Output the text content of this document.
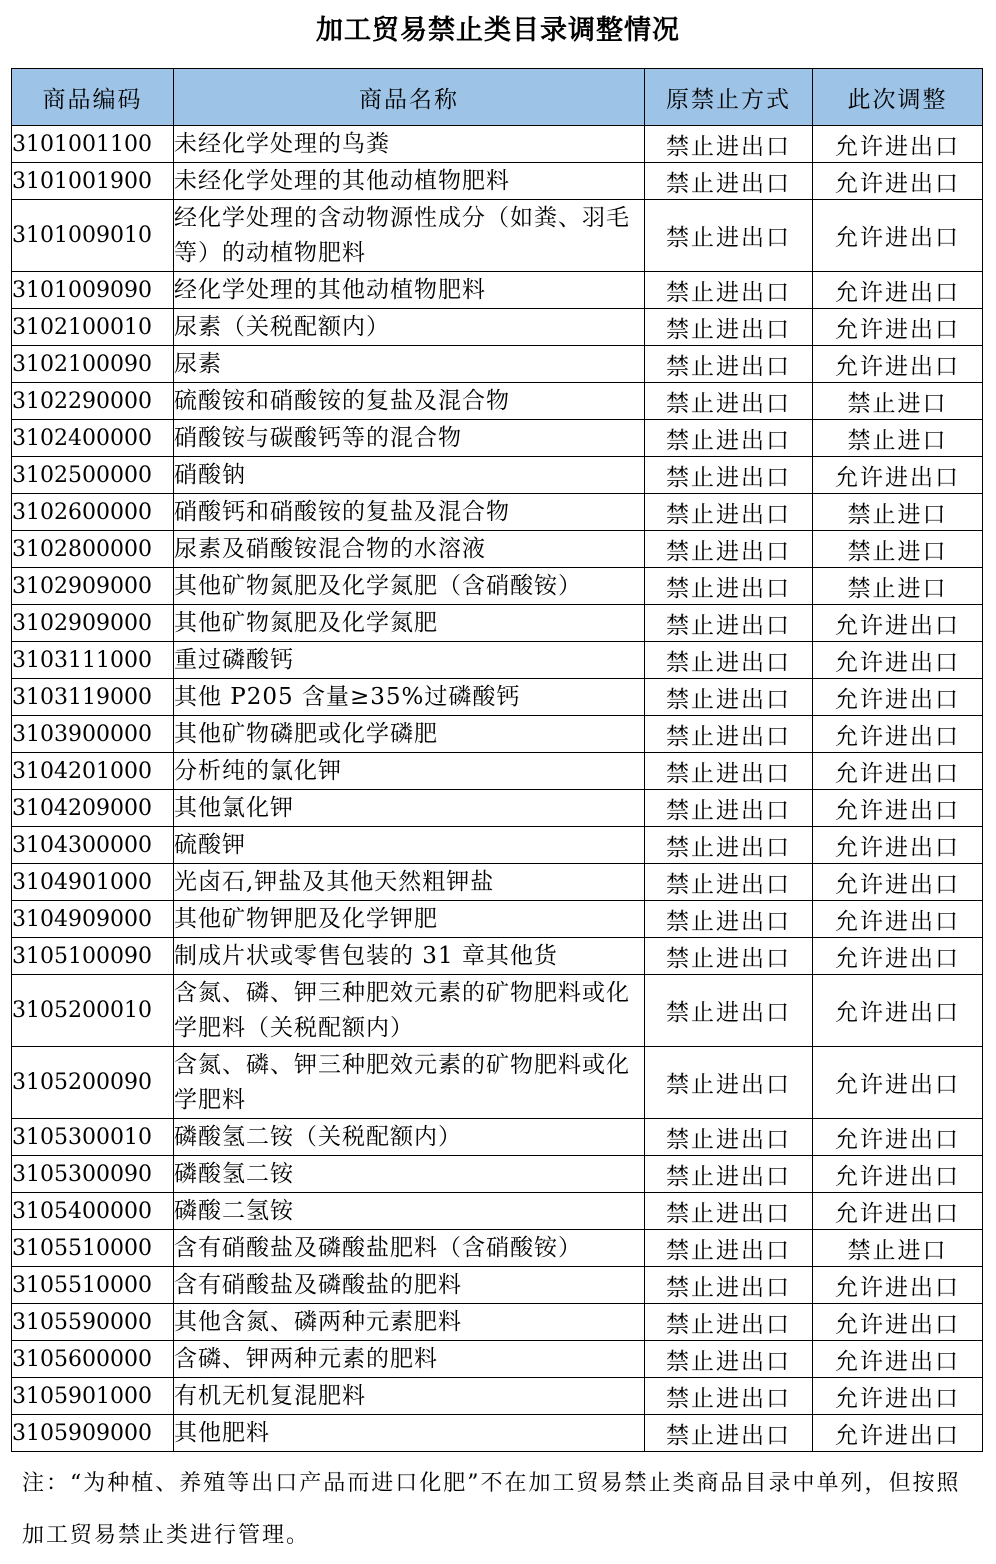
加工贸易禁止类目录调整情况
商品编码	商品名称	原禁止方式	此次调整
3101001100	未经化学处理的鸟粪	禁止进出口	允许进出口
3101001900	未经化学处理的其他动植物肥料	禁止进出口	允许进出口
3101009010	经化学处理的含动物源性成分（如粪、羽毛等）的动植物肥料	禁止进出口	允许进出口
3101009090	经化学处理的其他动植物肥料	禁止进出口	允许进出口
3102100010	尿素（关税配额内）	禁止进出口	允许进出口
3102100090	尿素	禁止进出口	允许进出口
3102290000	硫酸铵和硝酸铵的复盐及混合物	禁止进出口	禁止进口
3102400000	硝酸铵与碳酸钙等的混合物	禁止进出口	禁止进口
3102500000	硝酸钠	禁止进出口	允许进出口
3102600000	硝酸钙和硝酸铵的复盐及混合物	禁止进出口	禁止进口
3102800000	尿素及硝酸铵混合物的水溶液	禁止进出口	禁止进口
3102909000	其他矿物氮肥及化学氮肥（含硝酸铵）	禁止进出口	禁止进口
3102909000	其他矿物氮肥及化学氮肥	禁止进出口	允许进出口
3103111000	重过磷酸钙	禁止进出口	允许进出口
3103119000	其他 P205 含量≥35%过磷酸钙	禁止进出口	允许进出口
3103900000	其他矿物磷肥或化学磷肥	禁止进出口	允许进出口
3104201000	分析纯的氯化钾	禁止进出口	允许进出口
3104209000	其他氯化钾	禁止进出口	允许进出口
3104300000	硫酸钾	禁止进出口	允许进出口
3104901000	光卤石,钾盐及其他天然粗钾盐	禁止进出口	允许进出口
3104909000	其他矿物钾肥及化学钾肥	禁止进出口	允许进出口
3105100090	制成片状或零售包装的 31 章其他货	禁止进出口	允许进出口
3105200010	含氮、磷、钾三种肥效元素的矿物肥料或化学肥料（关税配额内）	禁止进出口	允许进出口
3105200090	含氮、磷、钾三种肥效元素的矿物肥料或化学肥料	禁止进出口	允许进出口
3105300010	磷酸氢二铵（关税配额内）	禁止进出口	允许进出口
3105300090	磷酸氢二铵	禁止进出口	允许进出口
3105400000	磷酸二氢铵	禁止进出口	允许进出口
3105510000	含有硝酸盐及磷酸盐肥料（含硝酸铵）	禁止进出口	禁止进口
3105510000	含有硝酸盐及磷酸盐的肥料	禁止进出口	允许进出口
3105590000	其他含氮、磷两种元素肥料	禁止进出口	允许进出口
3105600000	含磷、钾两种元素的肥料	禁止进出口	允许进出口
3105901000	有机无机复混肥料	禁止进出口	允许进出口
3105909000	其他肥料	禁止进出口	允许进出口
注：“为种植、养殖等出口产品而进口化肥”不在加工贸易禁止类商品目录中单列，但按照加工贸易禁止类进行管理。
